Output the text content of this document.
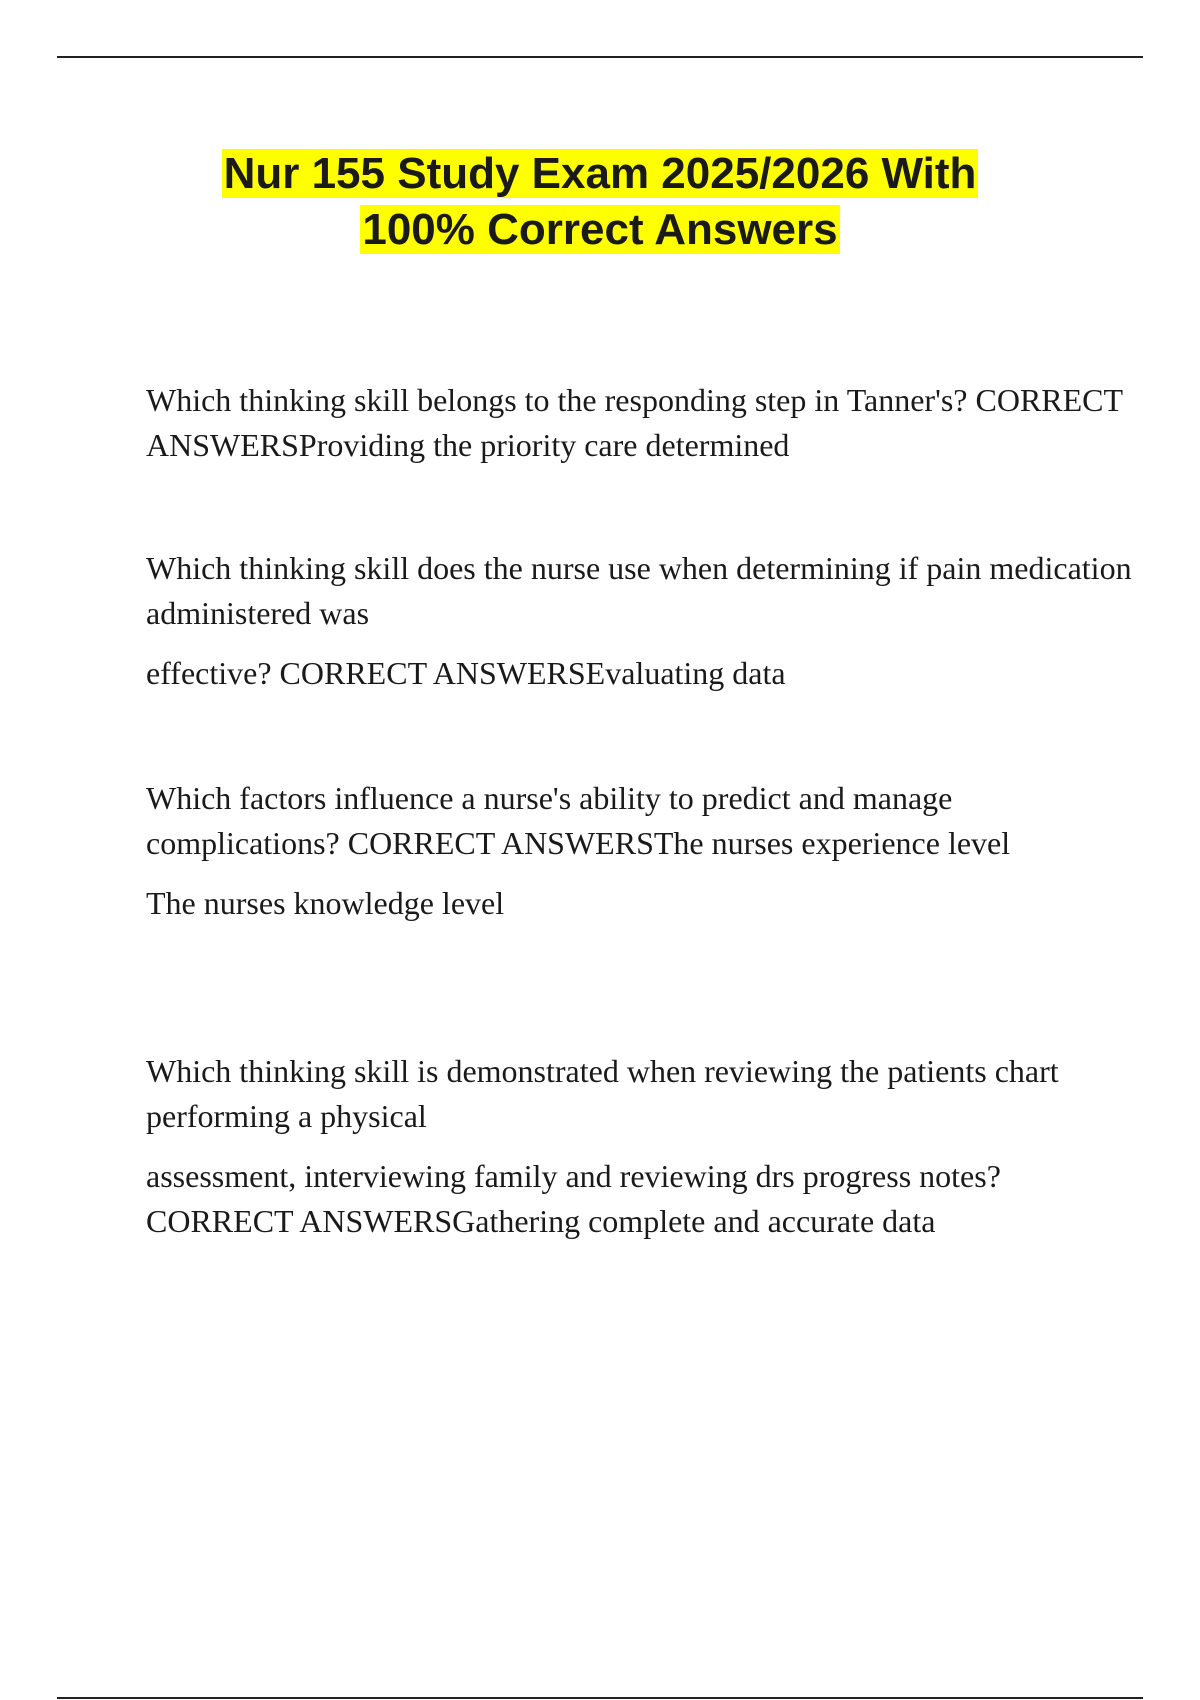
Nur 155 Study Exam 2025/2026 With
100% Correct Answers

Which thinking skill belongs to the responding step in Tanner's? CORRECT ANSWERSProviding the priority care determined

Which thinking skill does the nurse use when determining if pain medication administered was

effective? CORRECT ANSWERSEvaluating data

Which factors influence a nurse's ability to predict and manage complications? CORRECT ANSWERSThe nurses experience level

The nurses knowledge level

Which thinking skill is demonstrated when reviewing the patients chart performing a physical

assessment, interviewing family and reviewing drs progress notes? CORRECT ANSWERSGathering complete and accurate data
